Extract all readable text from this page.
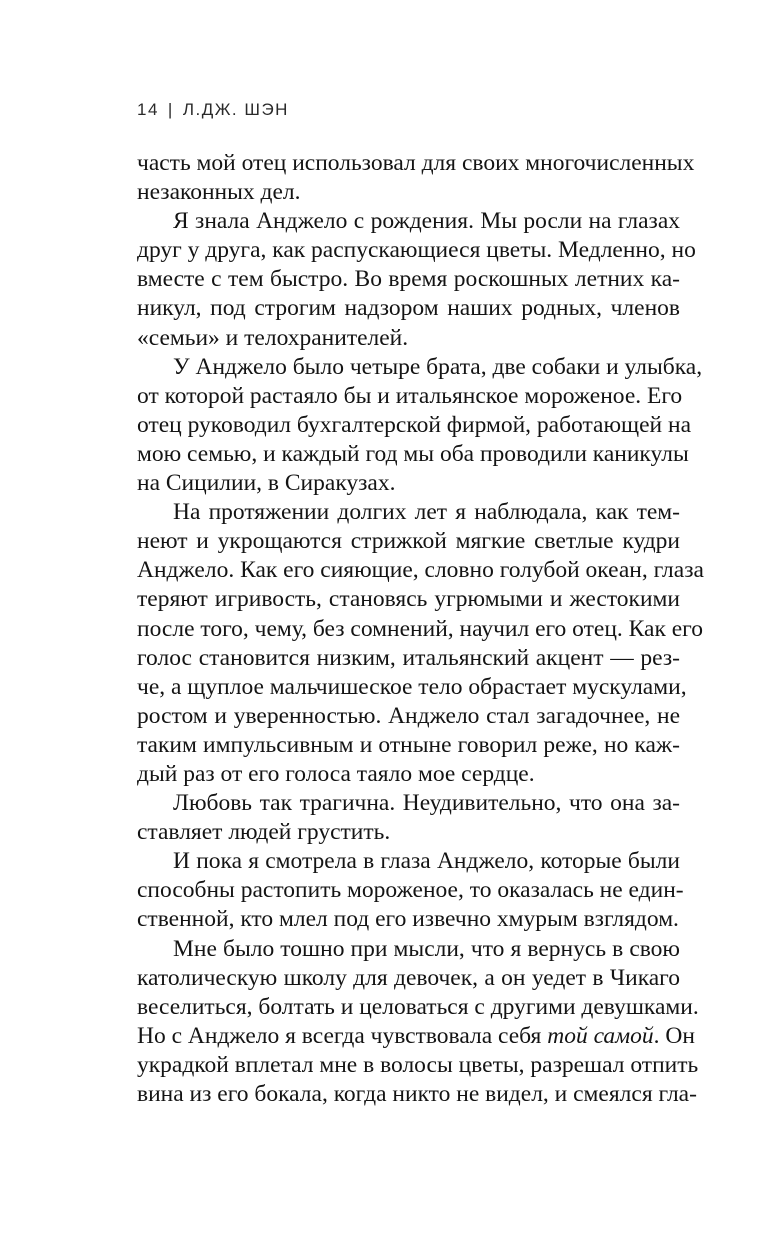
14 | Л.ДЖ. ШЭН
часть мой отец использовал для своих многочисленных
незаконных дел.
Я знала Анджело с рождения. Мы росли на глазах
друг у друга, как распускающиеся цветы. Медленно, но
вместе с тем быстро. Во время роскошных летних ка-
никул, под строгим надзором наших родных, членов
«семьи» и телохранителей.
У Анджело было четыре брата, две собаки и улыбка,
от которой растаяло бы и итальянское мороженое. Его
отец руководил бухгалтерской фирмой, работающей на
мою семью, и каждый год мы оба проводили каникулы
на Сицилии, в Сиракузах.
На протяжении долгих лет я наблюдала, как тем-
неют и укрощаются стрижкой мягкие светлые кудри
Анджело. Как его сияющие, словно голубой океан, глаза
теряют игривость, становясь угрюмыми и жестокими
после того, чему, без сомнений, научил его отец. Как его
голос становится низким, итальянский акцент — рез-
че, а щуплое мальчишеское тело обрастает мускулами,
ростом и уверенностью. Анджело стал загадочнее, не
таким импульсивным и отныне говорил реже, но каж-
дый раз от его голоса таяло мое сердце.
Любовь так трагична. Неудивительно, что она за-
ставляет людей грустить.
И пока я смотрела в глаза Анджело, которые были
способны растопить мороженое, то оказалась не един-
ственной, кто млел под его извечно хмурым взглядом.
Мне было тошно при мысли, что я вернусь в свою
католическую школу для девочек, а он уедет в Чикаго
веселиться, болтать и целоваться с другими девушками.
Но с Анджело я всегда чувствовала себя той самой. Он
украдкой вплетал мне в волосы цветы, разрешал отпить
вина из его бокала, когда никто не видел, и смеялся гла-
